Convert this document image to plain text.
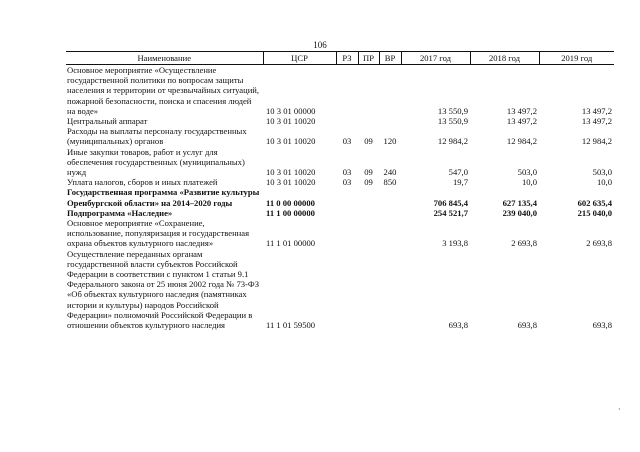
106
Наименование	ЦСР	РЗ	ПР	ВР	2017 год	2018 год	2019 год
Основное мероприятие «Осуществление государственной политики по вопросам защиты населения и территории от чрезвычайных ситуаций, пожарной безопасности, поиска и спасения людей на воде»	10 3 01 00000				13 550,9	13 497,2	13 497,2
Центральный аппарат	10 3 01 10020				13 550,9	13 497,2	13 497,2
Расходы на выплаты персоналу государственных (муниципальных) органов	10 3 01 10020	03	09	120	12 984,2	12 984,2	12 984,2
Иные закупки товаров, работ и услуг для обеспечения государственных (муниципальных) нужд	10 3 01 10020	03	09	240	547,0	503,0	503,0
Уплата налогов, сборов и иных платежей	10 3 01 10020	03	09	850	19,7	10,0	10,0
Государственная программа «Развитие культуры Оренбургской области» на 2014–2020 годы	11 0 00 00000				706 845,4	627 135,4	602 635,4
Подпрограмма «Наследие»	11 1 00 00000				254 521,7	239 040,0	215 040,0
Основное мероприятие «Сохранение, использование, популяризация и государственная охрана объектов культурного наследия»	11 1 01 00000				3 193,8	2 693,8	2 693,8
Осуществление переданных органам государственной власти субъектов Российской Федерации в соответствии с пунктом 1 статьи 9.1 Федерального закона от 25 июня 2002 года № 73-ФЗ «Об объектах культурного наследия (памятниках истории и культуры) народов Российской Федерации» полномочий Российской Федерации в отношении объектов культурного наследия	11 1 01 59500				693,8	693,8	693,8
·
